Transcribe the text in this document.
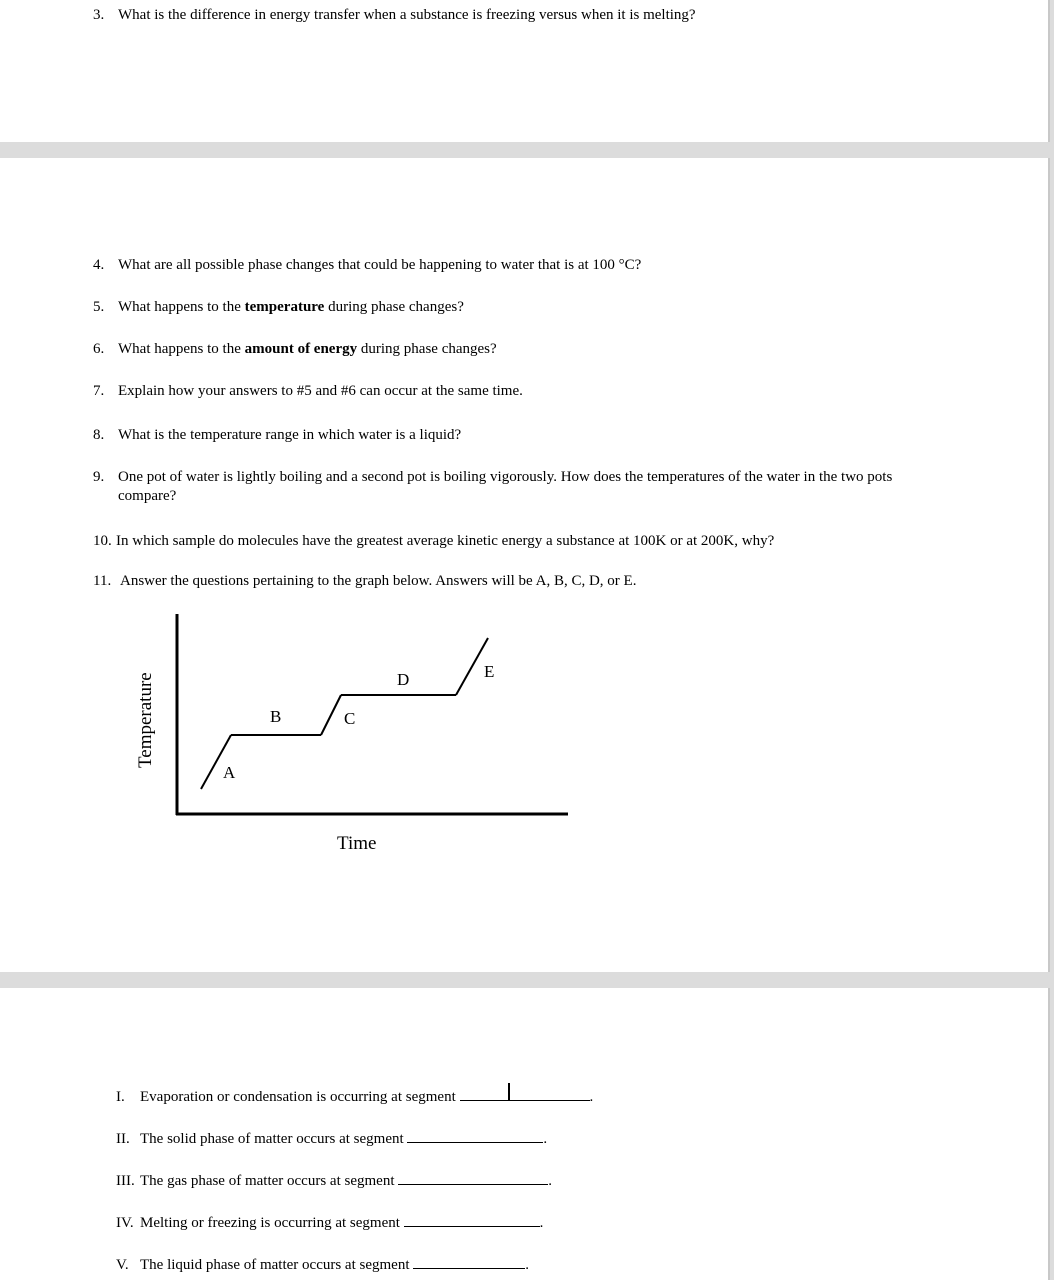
3. What is the difference in energy transfer when a substance is freezing versus when it is melting?
4. What are all possible phase changes that could be happening to water that is at 100 °C?
5. What happens to the temperature during phase changes?
6. What happens to the amount of energy during phase changes?
7. Explain how your answers to #5 and #6 can occur at the same time.
8. What is the temperature range in which water is a liquid?
9. One pot of water is lightly boiling and a second pot is boiling vigorously. How does the temperatures of the water in the two pots
compare?
10. In which sample do molecules have the greatest average kinetic energy a substance at 100K or at 200K, why?
11. Answer the questions pertaining to the graph below. Answers will be A, B, C, D, or E.
A
B	C
D	E
Time
Temperature
I. Evaporation or condensation is occurring at segment	.
II. The solid phase of matter occurs at segment	.
III. The gas phase of matter occurs at segment	.
IV. Melting or freezing is occurring at segment	.
V. The liquid phase of matter occurs at segment	.
